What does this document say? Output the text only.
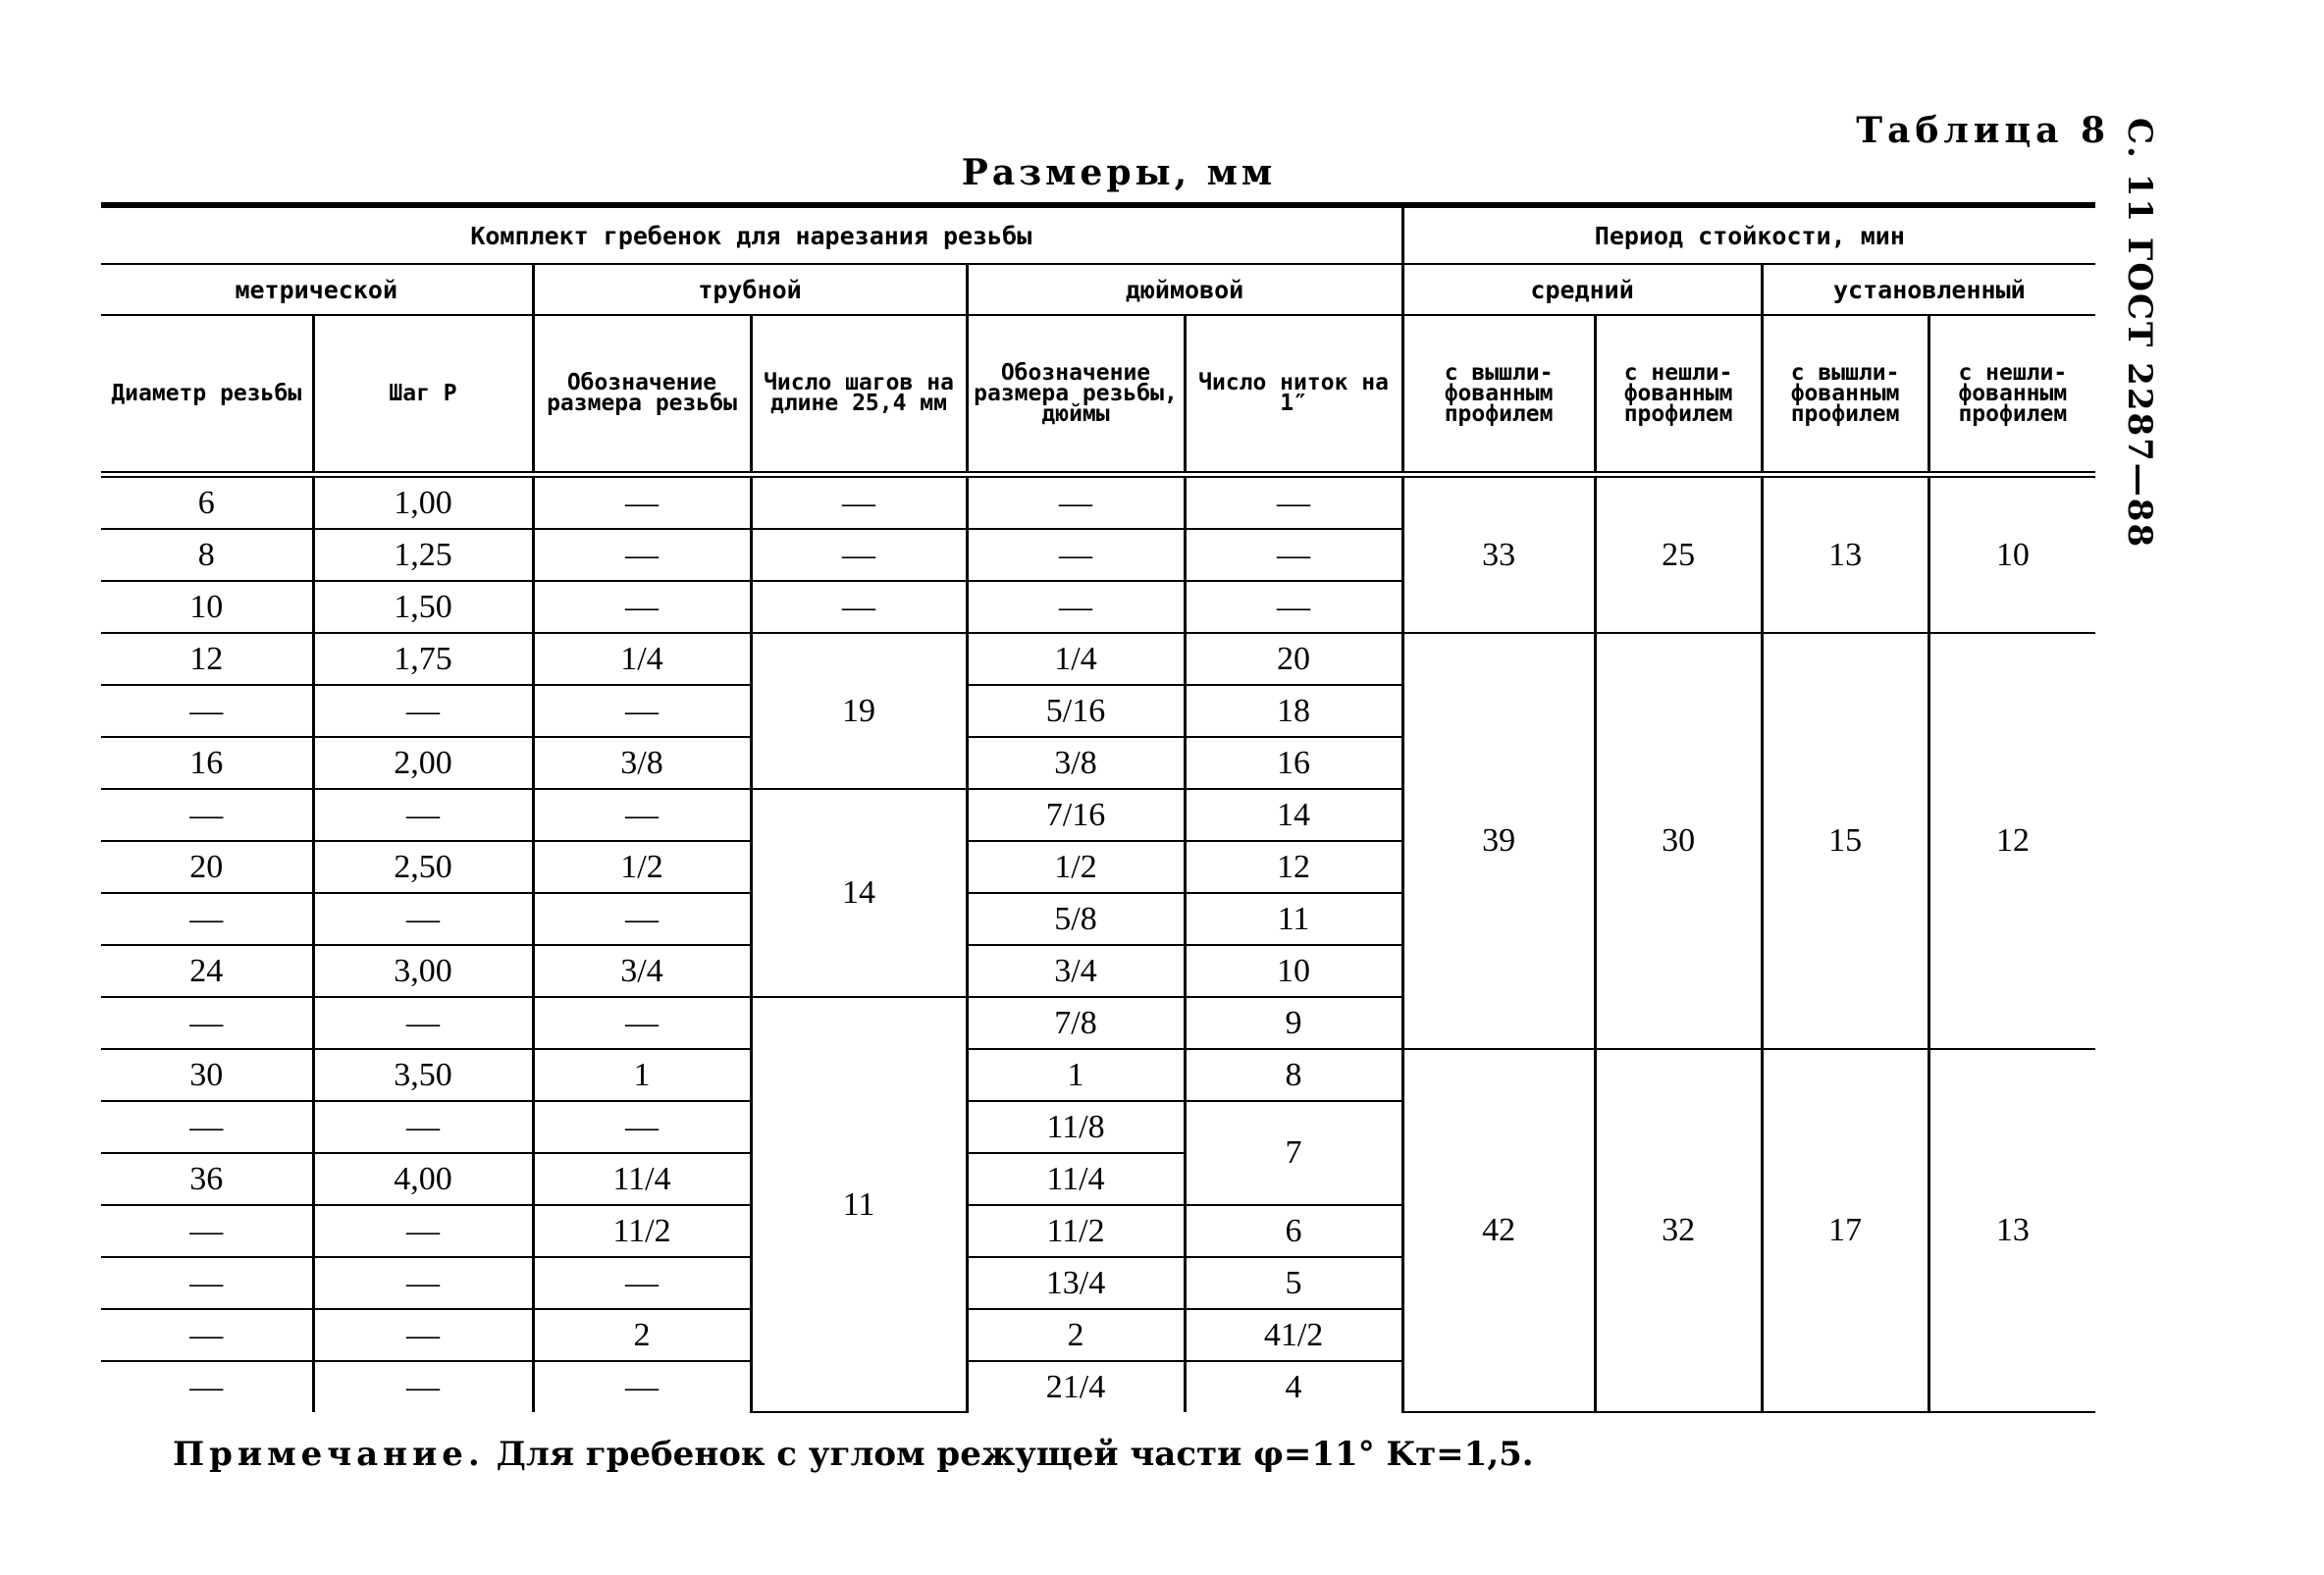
С. 11 ГОСТ 2287—88
Таблица 8
Размеры, мм
Комплект гребенок для нарезания резьбы						Период стойкости, мин			
метрической		трубной		дюймовой		средний		установленный	
Диаметр резьбы	Шаг P	Обозначение размера резьбы	Число шагов на длине 25,4 мм	Обозначение размера резьбы, дюймы	Число ниток на 1″	с вышли-фованным профилем	с нешли-фованным профилем	с вышли-фованным профилем	с нешли-фованным профилем
6	1,00	—	—	—	—	33	25	13	10
8	1,25	—	—	—	—				
10	1,50	—	—	—	—				
12	1,75	1/4	19	1/4	20	39	30	15	12
—	—	—		5/16	18				
16	2,00	3/8		3/8	16				
—	—	—	14	7/16	14				
20	2,50	1/2		1/2	12				
—	—	—		5/8	11				
24	3,00	3/4		3/4	10				
—	—	—	11	7/8	9				
30	3,50	1		1	8	42	32	17	13
—	—	—		11/8	7				
36	4,00	11/4		11/4					
—	—	11/2		11/2	6				
—	—	—		13/4	5				
—	—	2		2	41/2				
—	—	—		21/4	4				
Примечание. Для гребенок с углом режущей части φ=11° Kт=1,5.
